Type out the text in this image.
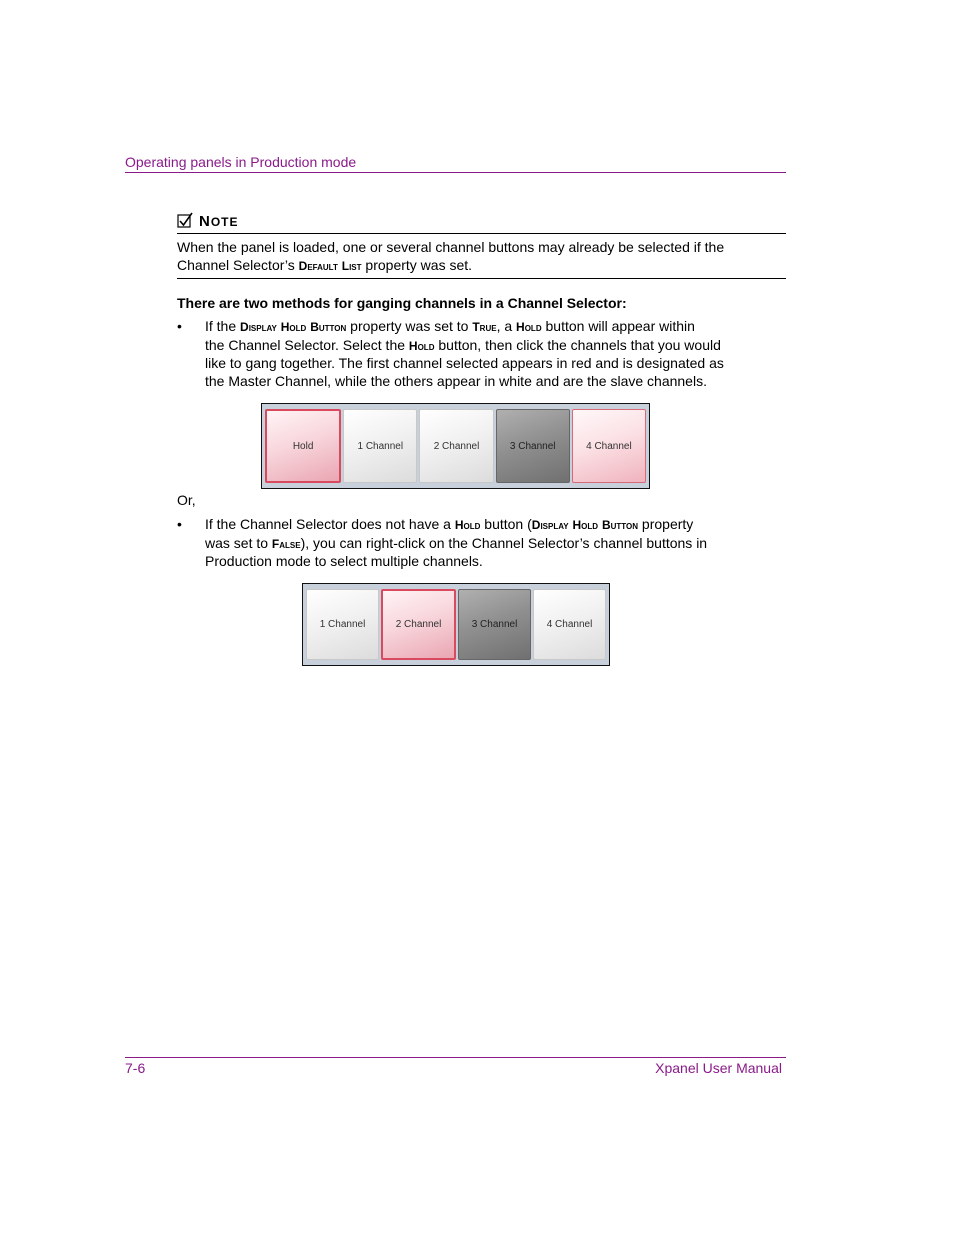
Operating panels in Production mode
NOTE
When the panel is loaded, one or several channel buttons may already be selected if the
Channel Selector’s Default List property was set.
There are two methods for ganging channels in a Channel Selector:
•	If the Display Hold Button property was set to True, a Hold button will appear within
the Channel Selector. Select the Hold button, then click the channels that you would
like to gang together. The first channel selected appears in red and is designated as
the Master Channel, while the others appear in white and are the slave channels.
Hold	1 Channel	2 Channel	3 Channel	4 Channel
Or,
•	If the Channel Selector does not have a Hold button (Display Hold Button property
was set to False), you can right-click on the Channel Selector’s channel buttons in
Production mode to select multiple channels.
1 Channel	2 Channel	3 Channel	4 Channel
7-6	Xpanel User Manual
